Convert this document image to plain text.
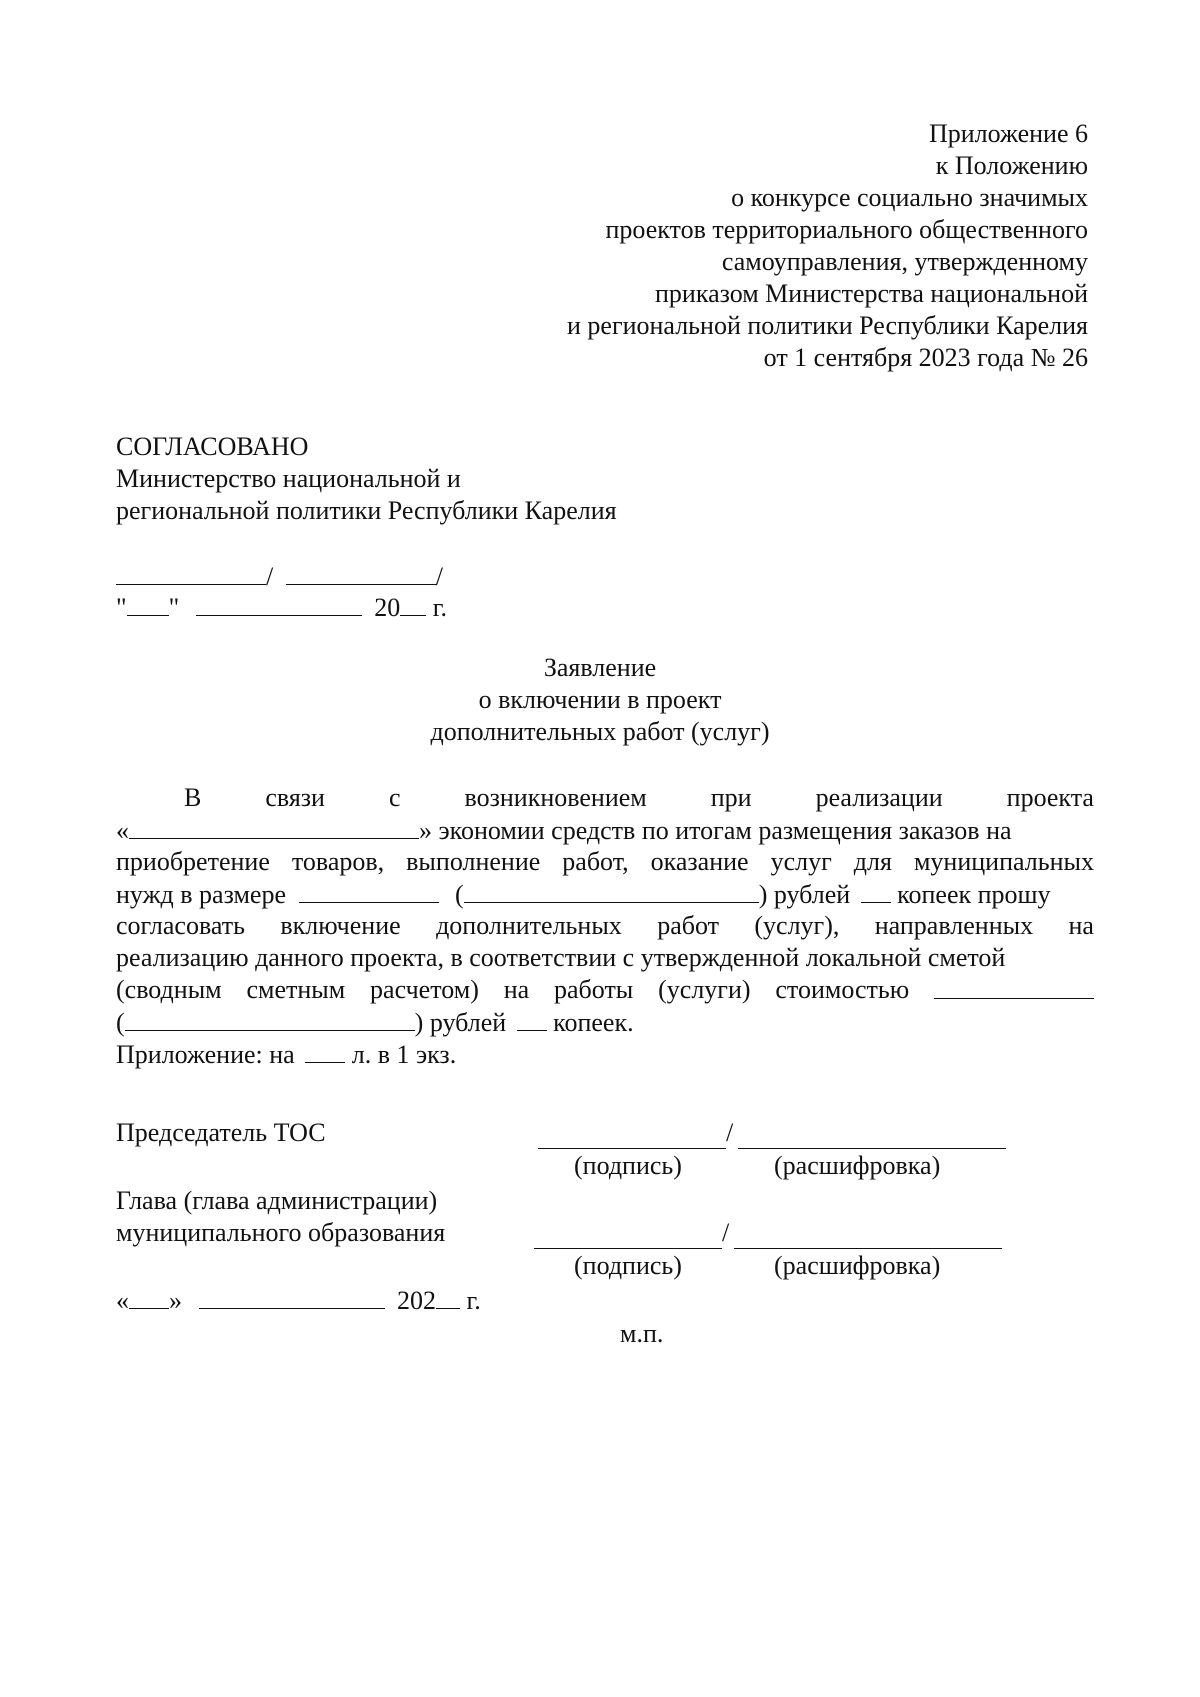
Приложение 6
к Положению
о конкурсе социально значимых
проектов территориального общественного
самоуправления, утвержденному
приказом Министерства национальной
и региональной политики Республики Карелия
от 1 сентября 2023 года № 26
СОГЛАСОВАНО
Министерство национальной и
региональной политики Республики Карелия
/	/
" "	20 г.
Заявление
о включении в проект
дополнительных работ (услуг)
В связи с возникновением при реализации проекта
«	» экономии средств по итогам размещения заказов на
приобретение товаров, выполнение работ, оказание услуг для муниципальных
нужд в размере	(	) рублей копеек прошу
согласовать включение дополнительных работ (услуг), направленных на
реализацию данного проекта, в соответствии с утвержденной локальной сметой
(сводным сметным расчетом) на работы (услуги) стоимостью
(	) рублей копеек.
Приложение: на л. в 1 экз.
Председатель ТОС	/
(подпись)	(расшифровка)
Глава (глава администрации)
муниципального образования	/
(подпись)	(расшифровка)
« »	202 г.
м.п.
